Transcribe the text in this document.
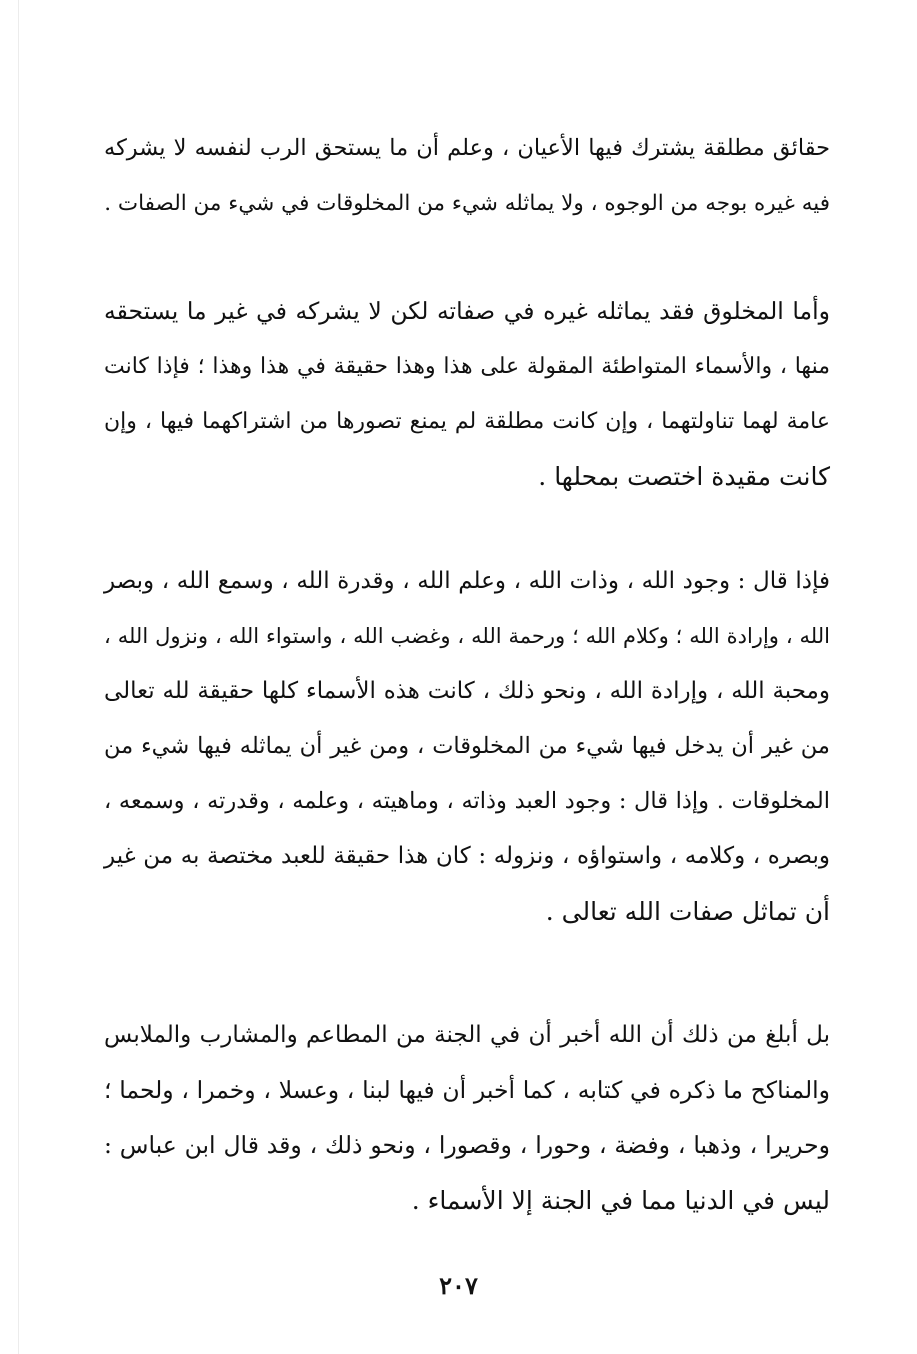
حقائق مطلقة يشترك فيها الأعيان ، وعلم أن ما يستحق الرب لنفسه لا يشركه
فيه غيره بوجه من الوجوه ، ولا يماثله شيء من المخلوقات في شيء من الصفات .
وأما المخلوق فقد يماثله غيره في صفاته لكن لا يشركه في غير ما يستحقه
منها ، والأسماء المتواطئة المقولة على هذا وهذا حقيقة في هذا وهذا ؛ فإذا كانت
عامة لهما تناولتهما ، وإن كانت مطلقة لم يمنع تصورها من اشتراكهما فيها ، وإن
كانت مقيدة اختصت بمحلها .
فإذا قال : وجود الله ، وذات الله ، وعلم الله ، وقدرة الله ، وسمع الله ، وبصر
الله ، وإرادة الله ؛ وكلام الله ؛ ورحمة الله ، وغضب الله ، واستواء الله ، ونزول الله ،
ومحبة الله ، وإرادة الله ، ونحو ذلك ، كانت هذه الأسماء كلها حقيقة لله تعالى
من غير أن يدخل فيها شيء من المخلوقات ، ومن غير أن يماثله فيها شيء من
المخلوقات . وإذا قال : وجود العبد وذاته ، وماهيته ، وعلمه ، وقدرته ، وسمعه ،
وبصره ، وكلامه ، واستواؤه ، ونزوله : كان هذا حقيقة للعبد مختصة به من غير
أن تماثل صفات الله تعالى .
بل أبلغ من ذلك أن الله أخبر أن في الجنة من المطاعم والمشارب والملابس
والمناكح ما ذكره في كتابه ، كما أخبر أن فيها لبنا ، وعسلا ، وخمرا ، ولحما ؛
وحريرا ، وذهبا ، وفضة ، وحورا ، وقصورا ، ونحو ذلك ، وقد قال ابن عباس :
ليس في الدنيا مما في الجنة إلا الأسماء .
٢٠٧
